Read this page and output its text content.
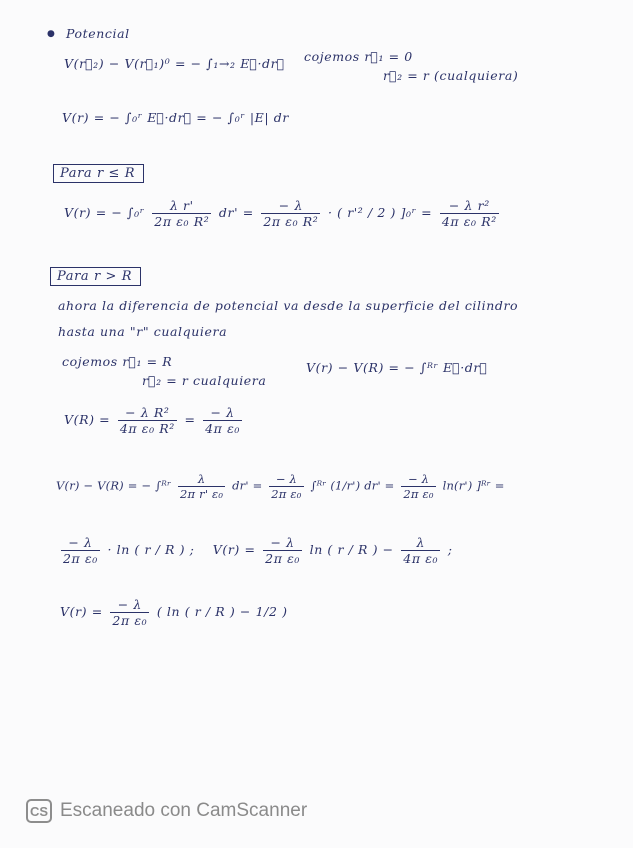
● Potencial
V(r⃗₂) − V(r⃗₁)⁰ = − ∫₁→₂ E⃗·dr⃗ cojemos r⃗₁ = 0
r⃗₂ = r (cualquiera)
V(r) = − ∫₀ʳ E⃗·dr⃗ = − ∫₀ʳ |E| dr
Para r ≤ R
V(r) = − ∫₀ʳ $\frac{\text{λ r'}}{\text{2π ε₀ R²}} dr' = \frac{- \lambda}{\text{2π ε₀ R²}}$ · ( r'² / 2 ) ]₀ʳ = $\frac{\text{− λ r²}}{\text{4π ε₀ R²}}$
Para r > R
ahora la diferencia de potencial va desde la superficie del cilindro
hasta una "r" cualquiera
cojemos r⃗₁ = R
r⃗₂ = r cualquiera
V(r) − V(R) = − ∫ᴿʳ E⃗·dr⃗
$V(R) = \frac{\text{− λ R²}}{\text{4π ε₀ R²}} = \frac{- \lambda}{\text{4π ε₀}}$
V(r) − V(R) = − ∫ᴿʳ $\frac{\lambda}{\text{2π r' ε₀}} dr' = \frac{- \lambda}{\text{2π ε₀}}$ ∫ᴿʳ (1/r') $dr' = \frac{- \lambda}{\text{2π ε₀}} \ln(r')$ ]ᴿʳ =
$\frac{- \lambda}{\text{2π ε₀}} \cdot \ln$ ( r / R ) ; $V(r) = \frac{- \lambda}{\text{2π ε₀}}$ ln ( r / R ) − $\frac{\lambda}{\text{4π ε₀}}$ ;
$V(r) = \frac{- \lambda}{\text{2π ε₀}}$ ( ln ( r / R ) − 1/2 )
CS Escaneado con CamScanner
